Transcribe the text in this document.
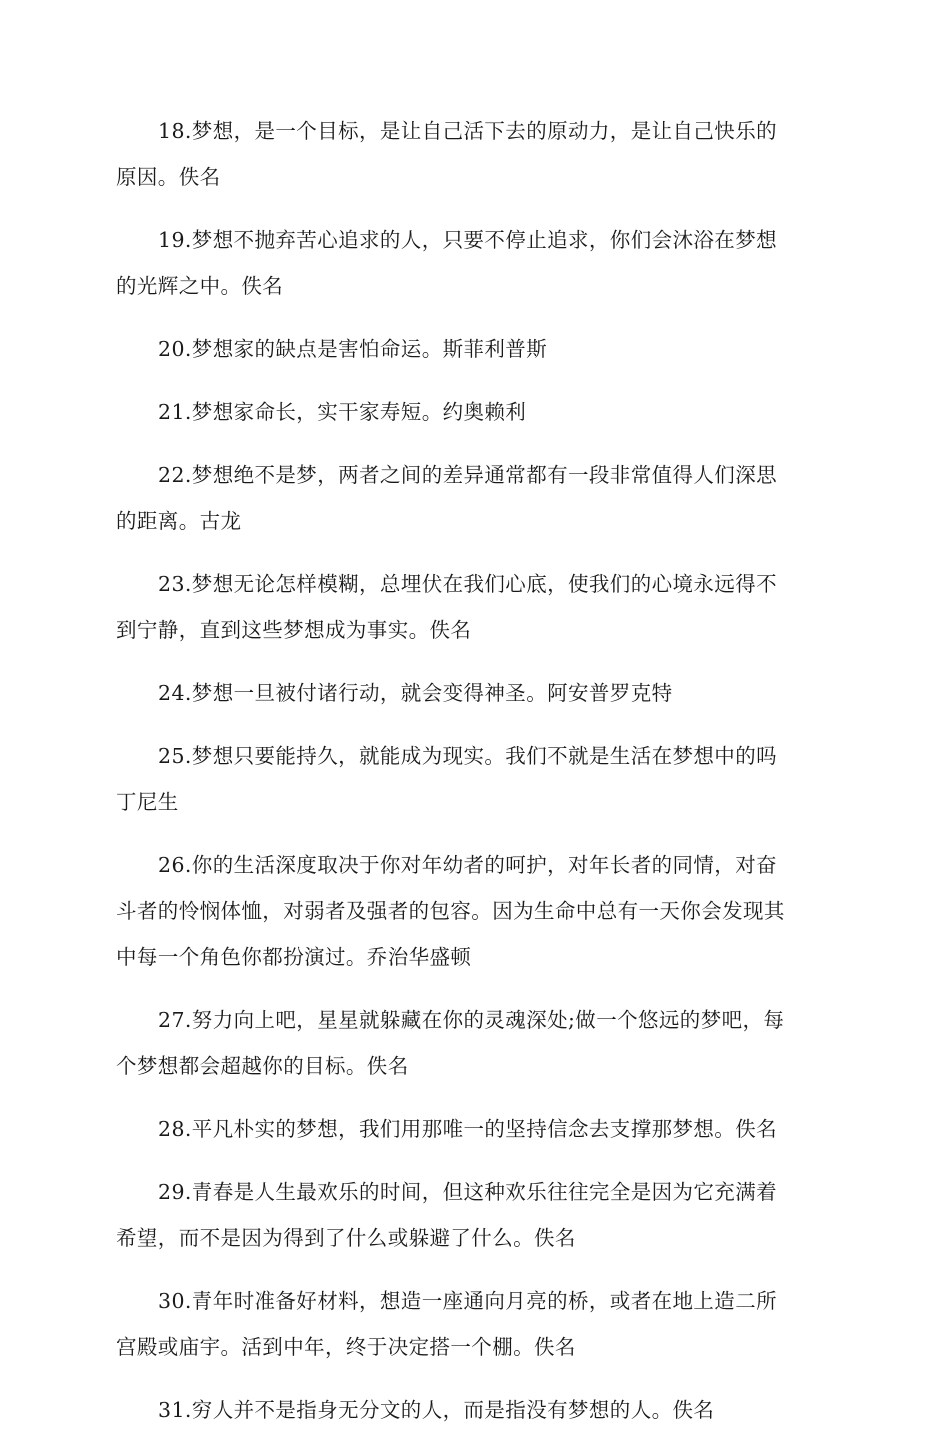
18.梦想，是一个目标，是让自己活下去的原动力，是让自己快乐的
原因。佚名

19.梦想不抛弃苦心追求的人，只要不停止追求，你们会沐浴在梦想
的光辉之中。佚名

20.梦想家的缺点是害怕命运。斯菲利普斯

21.梦想家命长，实干家寿短。约奥赖利

22.梦想绝不是梦，两者之间的差异通常都有一段非常值得人们深思
的距离。古龙

23.梦想无论怎样模糊，总埋伏在我们心底，使我们的心境永远得不
到宁静，直到这些梦想成为事实。佚名

24.梦想一旦被付诸行动，就会变得神圣。阿安普罗克特

25.梦想只要能持久，就能成为现实。我们不就是生活在梦想中的吗
丁尼生

26.你的生活深度取决于你对年幼者的呵护，对年长者的同情，对奋
斗者的怜悯体恤，对弱者及强者的包容。因为生命中总有一天你会发现其
中每一个角色你都扮演过。乔治华盛顿

27.努力向上吧，星星就躲藏在你的灵魂深处;做一个悠远的梦吧，每
个梦想都会超越你的目标。佚名

28.平凡朴实的梦想，我们用那唯一的坚持信念去支撑那梦想。佚名

29.青春是人生最欢乐的时间，但这种欢乐往往完全是因为它充满着
希望，而不是因为得到了什么或躲避了什么。佚名

30.青年时准备好材料，想造一座通向月亮的桥，或者在地上造二所
宫殿或庙宇。活到中年，终于决定搭一个棚。佚名

31.穷人并不是指身无分文的人，而是指没有梦想的人。佚名
